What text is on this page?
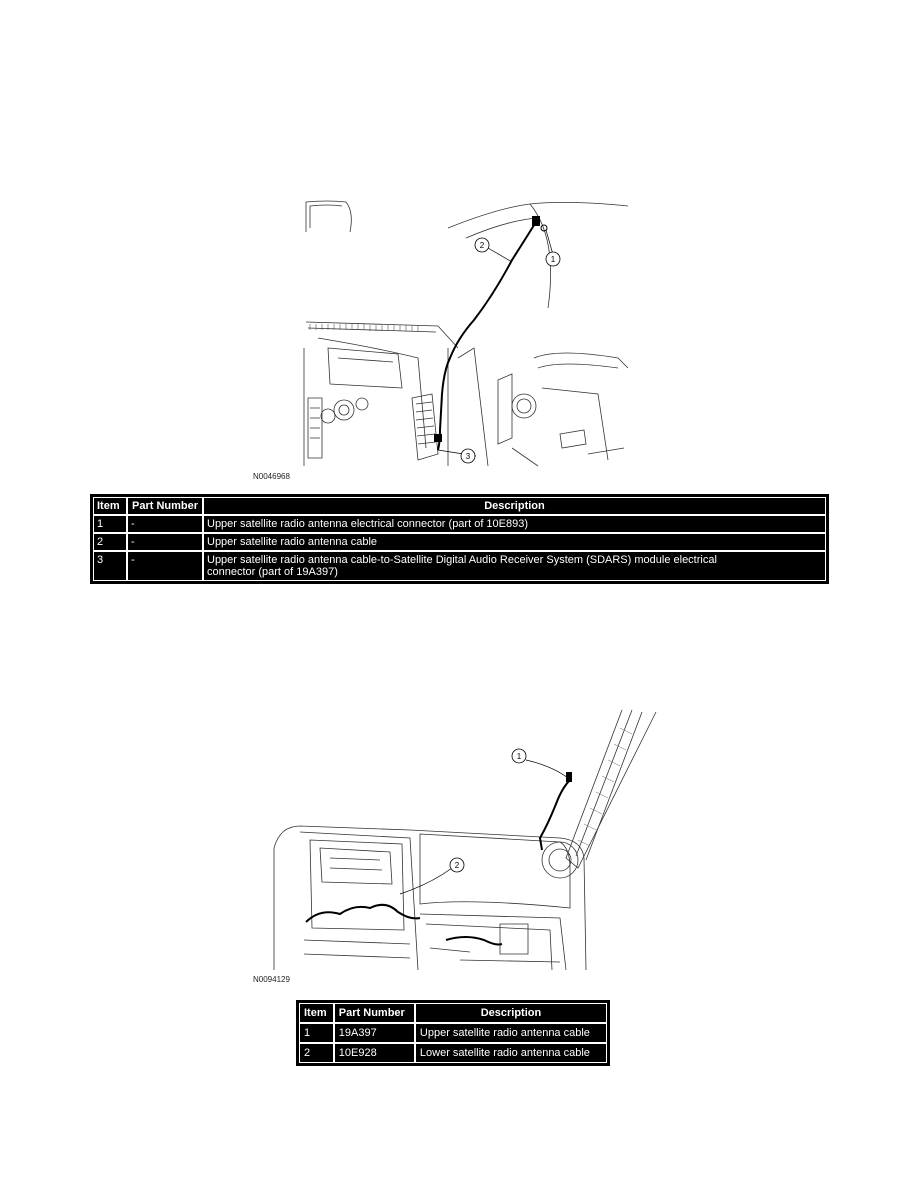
2
1
3
N0046968
Item	Part Number	Description
1	-	Upper satellite radio antenna electrical connector (part of 10E893)
2	-	Upper satellite radio antenna cable
3	-	Upper satellite radio antenna cable-to-Satellite Digital Audio Receiver System (SDARS) module electrical connector (part of 19A397)
1
2
N0094129
Item	Part Number	Description
1	19A397	Upper satellite radio antenna cable
2	10E928	Lower satellite radio antenna cable
